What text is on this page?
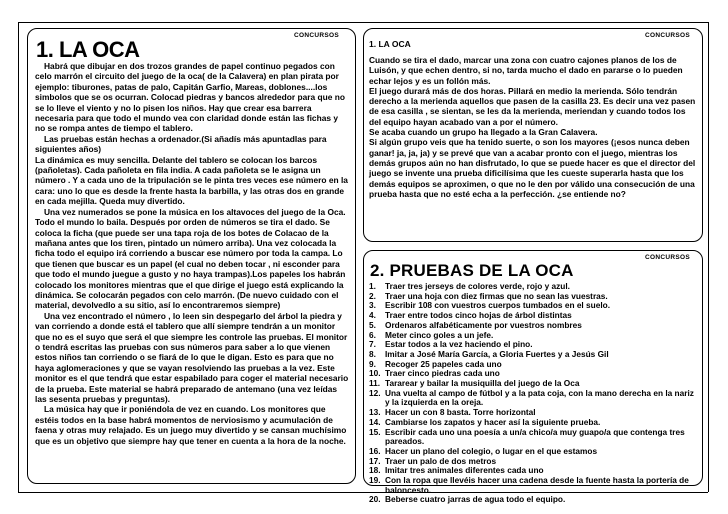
CONCURSOS
1. LA OCA

Habrá que dibujar en dos trozos grandes de papel continuo pegados con celo marrón el circuito del juego de la oca( de la Calavera) en plan pirata por ejemplo: tiburones, patas de palo, Capitán Garfio, Mareas, doblones....los simbolos que se os ocurran. Colocad piedras y bancos alrededor para que no se lo lleve el viento y no lo pisen los niños. Hay que crear esa barrera necesaria para que todo el mundo vea con claridad donde están las fichas y no se rompa antes de tiempo el tablero.

Las pruebas están hechas a ordenador.(Si añadís más apuntadlas para siguientes años)

La dinámica es muy sencilla. Delante del tablero se colocan los barcos (pañoletas). Cada pañoleta en fila india. A cada pañoleta se le asigna un número . Y a cada uno de la tripulación se le pinta tres veces ese número en la cara: uno lo que es desde la frente hasta la barbilla, y las otras dos en grande en cada mejilla. Queda muy divertido.

Una vez numerados se pone la música en los altavoces del juego de la Oca. Todo el mundo lo baila. Después por orden de números se tira el dado. Se coloca la ficha (que puede ser una tapa roja de los botes de Colacao de la mañana antes que los tiren, pintado un número arriba). Una vez colocada la ficha todo el equipo irá corriendo a buscar ese número por toda la campa. Lo que tienen que buscar es un papel (el cual no deben tocar , ni esconder para que todo el mundo juegue a gusto y no haya trampas).Los papeles los habrán colocado los monitores mientras que el que dirige el juego está explicando la dinámica. Se colocarán pegados con celo marrón. (De nuevo cuidado con el material, devolvedlo a su sitio, así lo encontraremos siempre)

Una vez encontrado el número , lo leen sin despegarlo del árbol la piedra y van corriendo a donde está el tablero que allí siempre tendrán a un monitor que no es el suyo que será el que siempre les controle las pruebas. El monitor o tendrá escritas las pruebas con sus números para saber a lo que vienen estos niños tan corriendo o se fiará de lo que le digan. Esto es para que no haya aglomeraciones y que se vayan resolviendo las pruebas a la vez. Este monitor es el que tendrá que estar espabilado para coger el material necesario de la prueba. Este material se habrá preparado de antemano (una vez leídas las sesenta pruebas y preguntas).

La música hay que ir poniéndola de vez en cuando. Los monitores que estéis todos en la base habrá momentos de nerviosismo y acumulación de faena y otras muy relajado. Es un juego muy divertido y se cansan muchísimo que es un objetivo que siempre hay que tener en cuenta a la hora de la noche.

CONCURSOS
1. LA OCA

Cuando se tira el dado, marcar una zona con cuatro cajones planos de los de Luisón, y que echen dentro, si no, tarda mucho el dado en pararse o lo pueden echar lejos y es un follón más.

El juego durará más de dos horas. Pillará en medio la merienda. Sólo tendrán derecho a la merienda aquellos que pasen de la casilla 23. Es decir una vez pasen de esa casilla , se sientan, se les da la merienda, meriendan y cuando todos los del equipo hayan acabado van a por el número.

Se acaba cuando un grupo ha llegado a la Gran Calavera.

Si algún grupo veis que ha tenido suerte, o son los mayores (¡esos nunca deben ganar! ja, ja, ja) y se prevé que van a acabar pronto con el juego, mientras los demás grupos aún no han disfrutado, lo que se puede hacer es que el director del juego se invente una prueba dificilísima que les cueste superarla hasta que los demás equipos se aproximen, o que no le den por válido una consecución de una prueba hasta que no esté echa a la perfección. ¿se entiende no?

CONCURSOS
2. PRUEBAS DE LA OCA
1.	Traer tres jerseys de colores verde, rojo y azul.
2.	Traer una hoja con diez firmas que no sean las vuestras.
3.	Escribir 108 con vuestros cuerpos tumbados en el suelo.
4.	Traer entre todos cinco hojas de árbol distintas
5.	Ordenaros alfabéticamente por vuestros nombres
6.	Meter cinco goles a un jefe.
7.	Estar todos a la vez haciendo el pino.
8.	Imitar a José María García, a Gloria Fuertes y a Jesús Gil
9.	Recoger 25 papeles cada uno
10. Traer cinco piedras cada uno
11. Tararear y bailar la musiquilla del juego de la Oca
12. Una vuelta al campo de fútbol y a la pata coja, con la mano derecha en la nariz y la izquierda en la oreja.
13. Hacer un con 8 basta. Torre horizontal
14. Cambiarse los zapatos y hacer así la siguiente prueba.
15. Escribir cada uno una poesía a un/a chico/a muy guapo/a que contenga tres pareados.
16. Hacer un plano del colegio, o lugar en el que estamos
17. Traer un palo de dos metros
18. Imitar tres animales diferentes cada uno
19. Con la ropa que llevéis hacer una cadena desde la fuente hasta la portería de baloncesto.
20. Beberse cuatro jarras de agua todo el equipo.
